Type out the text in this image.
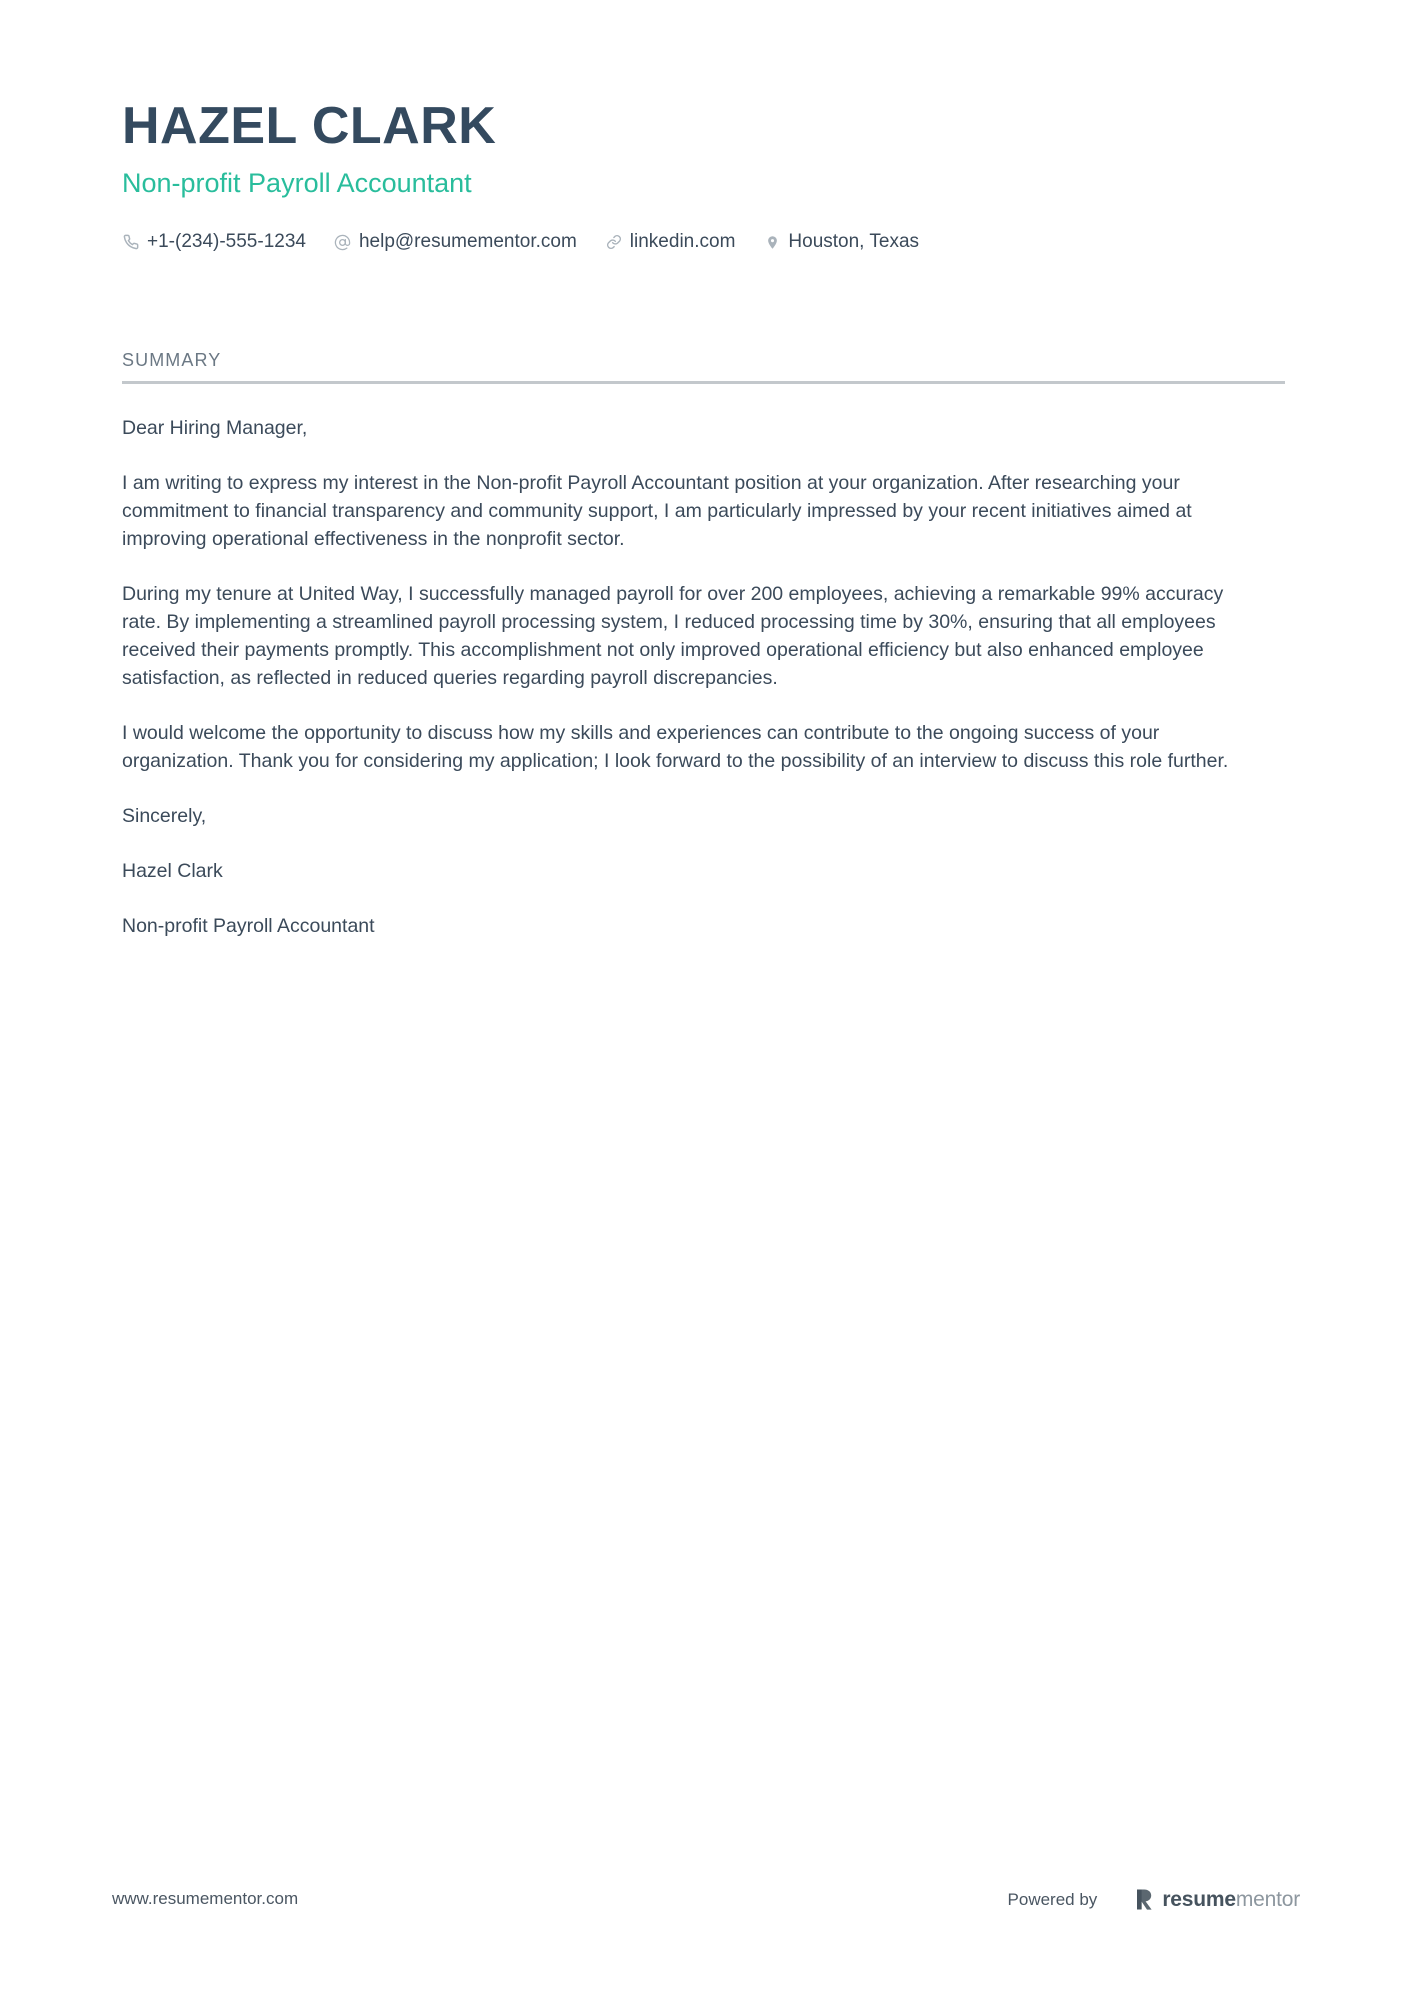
HAZEL CLARK
Non-profit Payroll Accountant
+1-(234)-555-1234	help@resumementor.com	linkedin.com	Houston, Texas
SUMMARY

Dear Hiring Manager,

I am writing to express my interest in the Non-profit Payroll Accountant position at your organization. After researching your commitment to financial transparency and community support, I am particularly impressed by your recent initiatives aimed at improving operational effectiveness in the nonprofit sector.

During my tenure at United Way, I successfully managed payroll for over 200 employees, achieving a remarkable 99% accuracy rate. By implementing a streamlined payroll processing system, I reduced processing time by 30%, ensuring that all employees received their payments promptly. This accomplishment not only improved operational efficiency but also enhanced employee satisfaction, as reflected in reduced queries regarding payroll discrepancies.

I would welcome the opportunity to discuss how my skills and experiences can contribute to the ongoing success of your organization. Thank you for considering my application; I look forward to the possibility of an interview to discuss this role further.

Sincerely,

Hazel Clark

Non-profit Payroll Accountant

www.resumementor.com	Powered by	resumementor
